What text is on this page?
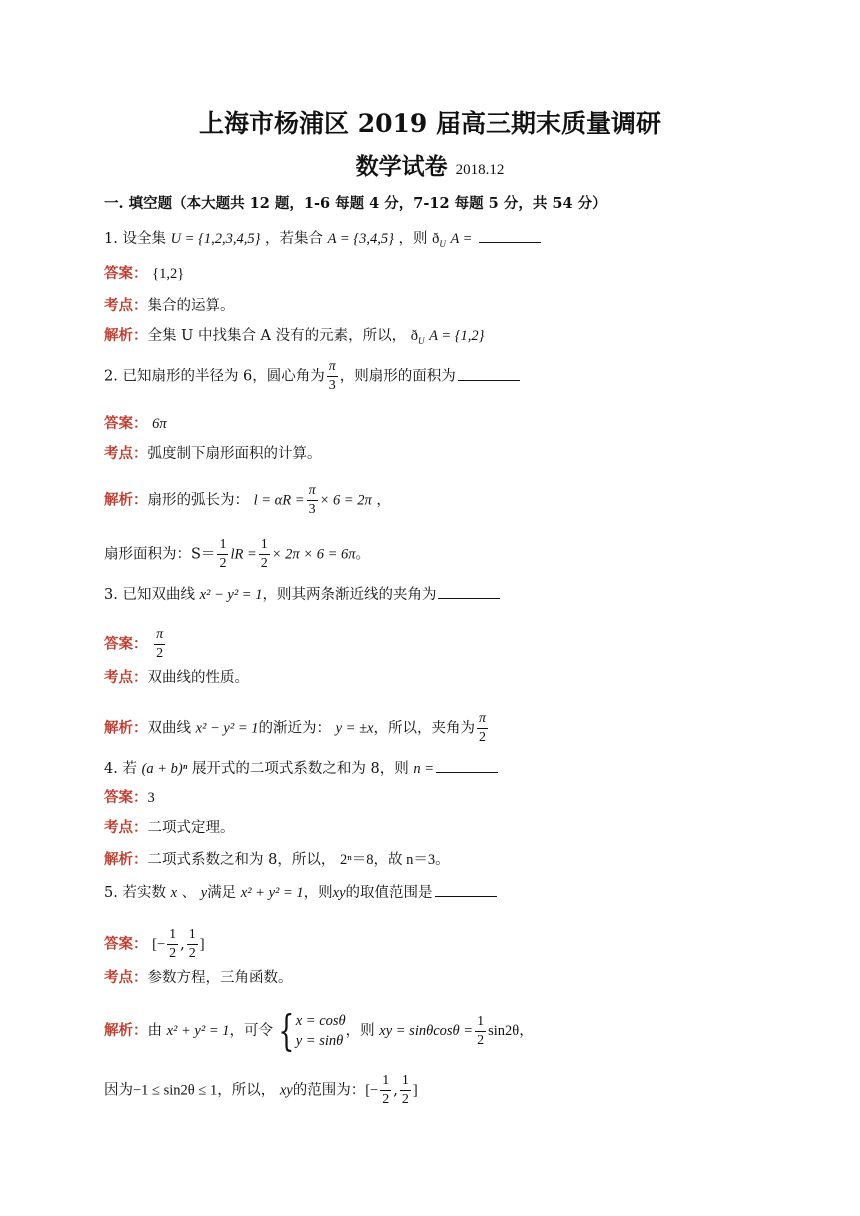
上海市杨浦区 2019 届高三期末质量调研
数学试卷 2018.12
一. 填空题（本大题共 12 题，1-6 每题 4 分，7-12 每题 5 分，共 54 分）
1. 设全集 U = {1,2,3,4,5} ，若集合 A = {3,4,5} ，则 $ð_U$ A =
答案： {1,2}
考点：集合的运算。
解析：全集 U 中找集合 A 没有的元素，所以， $ð_U$ A = {1,2}
2. 已知扇形的半径为 6，圆心角为 $\frac{\pi}{3}$ ，则扇形的面积为
答案： 6π
考点：弧度制下扇形面积的计算。
解析：扇形的弧长为： $l = \alpha R = \frac{\pi}{3} \times 6 = 2\pi$ ，
扇形面积为：$S= \frac{1}{2}$ lR = $\frac{1}{2} \times 2\pi \times 6 = 6\pi$。
3. 已知双曲线 x² − y² = 1，则其两条渐近线的夹角为
答案： $\frac{\pi}{2}$
考点：双曲线的性质。
解析：双曲线 x² − y² = 1的渐近为： y = ±x，所以，夹角为 $\frac{\pi}{2}$
4. 若 (a + b)ⁿ 展开式的二项式系数之和为 8，则 n =
答案：3
考点：二项式定理。
解析：二项式系数之和为 8，所以， 2ⁿ＝8，故 n＝3。
5. 若实数 x 、 y满足 x² + y² = 1，则xy的取值范围是
答案： [− $\frac{1}{2}$ , $\frac{1}{2}$ ]
考点：参数方程，三角函数。
解析：由 x² + y² = 1，可令 { x = cosθ
y = sinθ
，则 xy = $\sin\theta\cos\theta = \frac{1}{2} \sin 2\theta$，
因为−1 ≤ sin2θ ≤ 1，所以， xy的范围为：[− $\frac{1}{2}$ , $\frac{1}{2}$ ]
